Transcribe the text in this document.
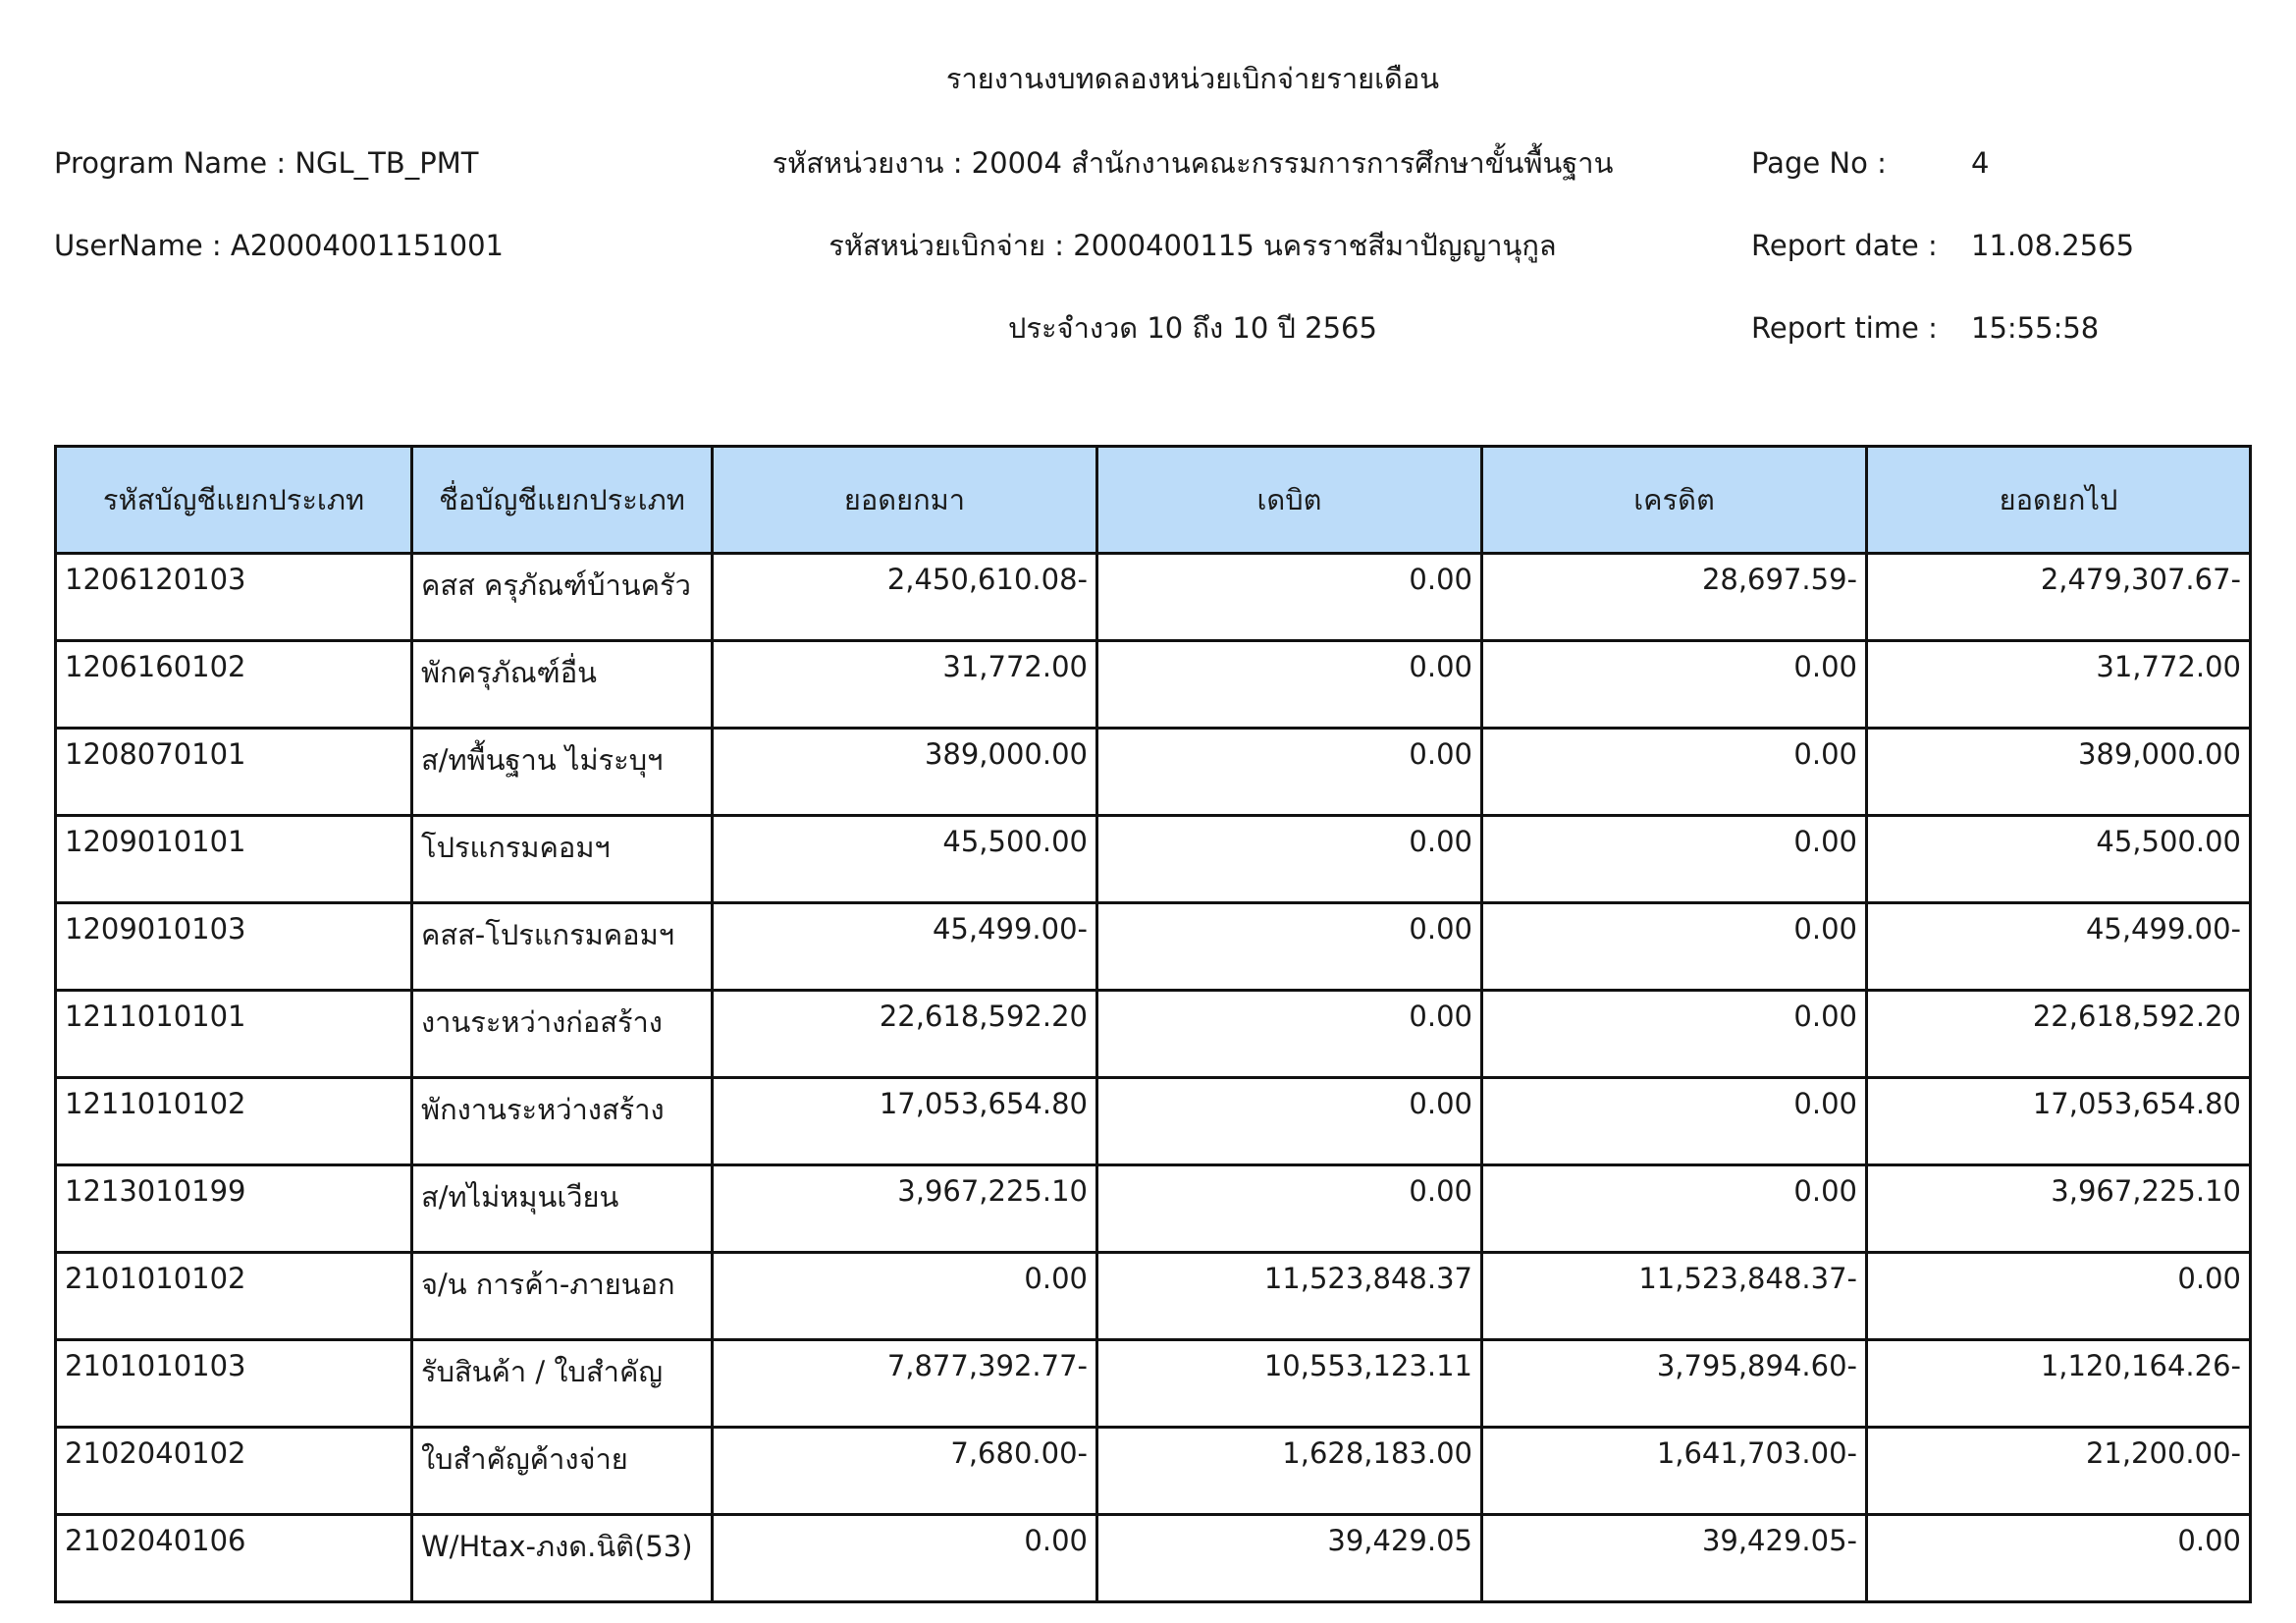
รายงานงบทดลองหน่วยเบิกจ่ายรายเดือน
Program Name : NGL_TB_PMT
UserName : A20004001151001
รหัสหน่วยงาน : 20004 สำนักงานคณะกรรมการการศึกษาขั้นพื้นฐาน
รหัสหน่วยเบิกจ่าย : 2000400115 นครราชสีมาปัญญานุกูล
ประจำงวด 10 ถึง 10 ปี 2565
Page No :	4
Report date : 11.08.2565
Report time : 15:55:58
รหัสบัญชีแยกประเภท	ชื่อบัญชีแยกประเภท	ยอดยกมา	เดบิต	เครดิต	ยอดยกไป
1206120103	คสส ครุภัณฑ์บ้านครัว	2,450,610.08-	0.00	28,697.59-	2,479,307.67-
1206160102	พักครุภัณฑ์อื่น	31,772.00	0.00	0.00	31,772.00
1208070101	ส/ทพื้นฐาน ไม่ระบุฯ	389,000.00	0.00	0.00	389,000.00
1209010101	โปรแกรมคอมฯ	45,500.00	0.00	0.00	45,500.00
1209010103	คสส-โปรแกรมคอมฯ	45,499.00-	0.00	0.00	45,499.00-
1211010101	งานระหว่างก่อสร้าง	22,618,592.20	0.00	0.00	22,618,592.20
1211010102	พักงานระหว่างสร้าง	17,053,654.80	0.00	0.00	17,053,654.80
1213010199	ส/ทไม่หมุนเวียน	3,967,225.10	0.00	0.00	3,967,225.10
2101010102	จ/น การค้า-ภายนอก	0.00	11,523,848.37	11,523,848.37-	0.00
2101010103	รับสินค้า / ใบสำคัญ	7,877,392.77-	10,553,123.11	3,795,894.60-	1,120,164.26-
2102040102	ใบสำคัญค้างจ่าย	7,680.00-	1,628,183.00	1,641,703.00-	21,200.00-
2102040106	W/Htax-ภงด.นิติ(53)	0.00	39,429.05	39,429.05-	0.00
